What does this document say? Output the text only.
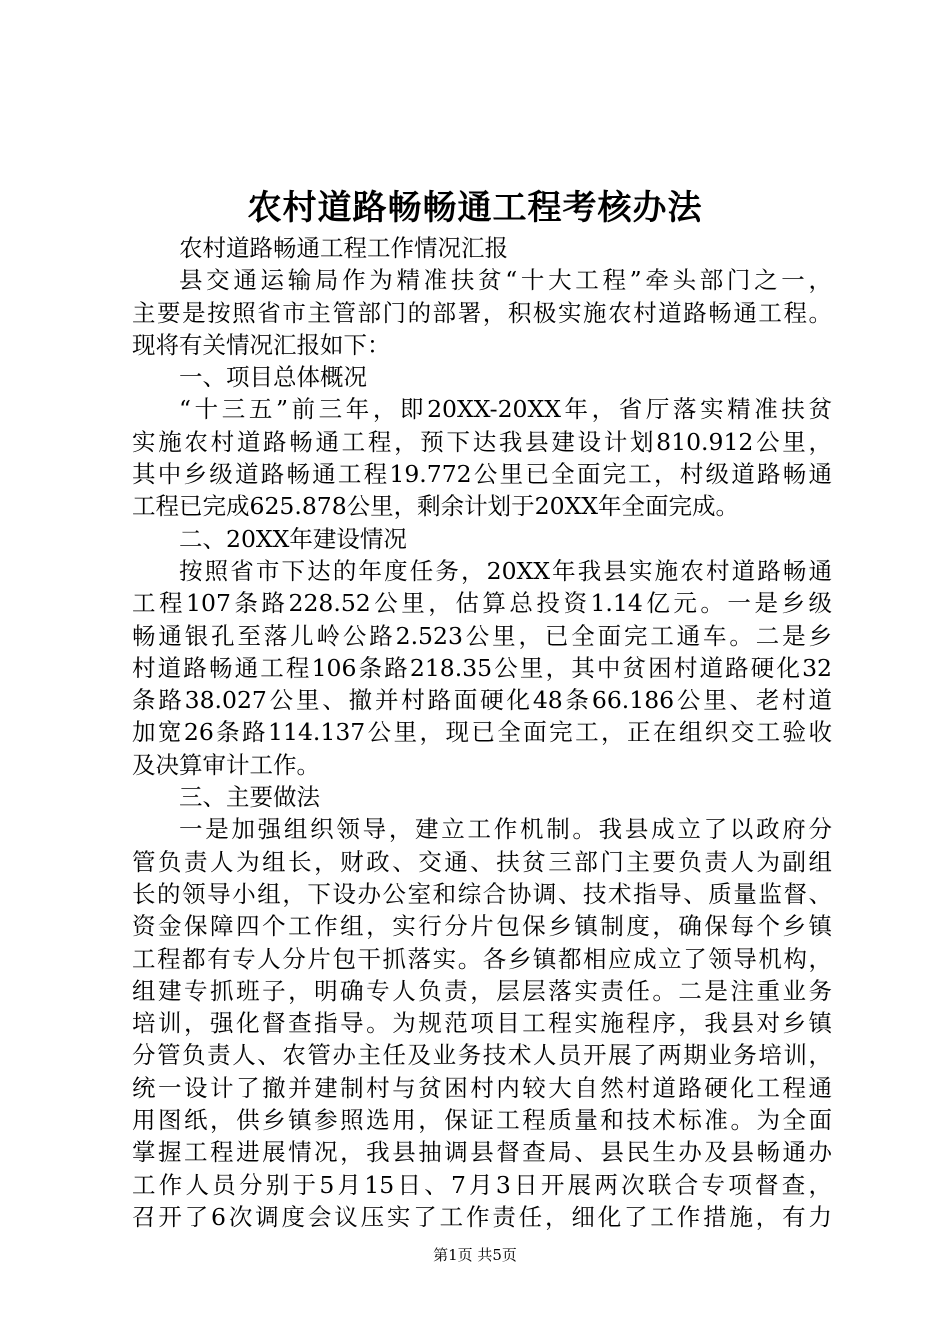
农村道路畅畅通工程考核办法
农村道路畅通工程工作情况汇报
县交通运输局作为精准扶贫“十大工程”牵头部门之一，
主要是按照省市主管部门的部署，积极实施农村道路畅通工程。
现将有关情况汇报如下：
一、项目总体概况
“十三五”前三年，即20XX-20XX年，省厅落实精准扶贫
实施农村道路畅通工程，预下达我县建设计划810.912公里，
其中乡级道路畅通工程19.772公里已全面完工，村级道路畅通
工程已完成625.878公里，剩余计划于20XX年全面完成。
二、20XX年建设情况
按照省市下达的年度任务，20XX年我县实施农村道路畅通
工程107条路228.52公里，估算总投资1.14亿元。一是乡级
畅通银孔至落儿岭公路2.523公里，已全面完工通车。二是乡
村道路畅通工程106条路218.35公里，其中贫困村道路硬化32
条路38.027公里、撤并村路面硬化48条66.186公里、老村道
加宽26条路114.137公里，现已全面完工，正在组织交工验收
及决算审计工作。
三、主要做法
一是加强组织领导，建立工作机制。我县成立了以政府分
管负责人为组长，财政、交通、扶贫三部门主要负责人为副组
长的领导小组，下设办公室和综合协调、技术指导、质量监督、
资金保障四个工作组，实行分片包保乡镇制度，确保每个乡镇
工程都有专人分片包干抓落实。各乡镇都相应成立了领导机构，
组建专抓班子，明确专人负责，层层落实责任。二是注重业务
培训，强化督查指导。为规范项目工程实施程序，我县对乡镇
分管负责人、农管办主任及业务技术人员开展了两期业务培训，
统一设计了撤并建制村与贫困村内较大自然村道路硬化工程通
用图纸，供乡镇参照选用，保证工程质量和技术标准。为全面
掌握工程进展情况，我县抽调县督查局、县民生办及县畅通办
工作人员分别于5月15日、7月3日开展两次联合专项督查，
召开了6次调度会议压实了工作责任，细化了工作措施，有力
第1页 共5页
